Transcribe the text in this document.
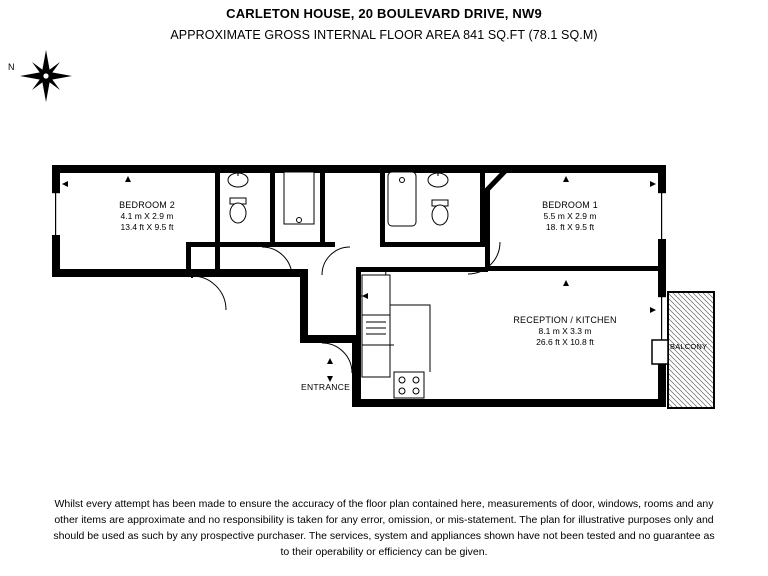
CARLETON HOUSE, 20 BOULEVARD DRIVE, NW9
APPROXIMATE GROSS INTERNAL FLOOR AREA 841 SQ.FT (78.1 SQ.M)
N
BEDROOM 2
4.1 m X 2.9 m
13.4 ft X 9.5 ft
BEDROOM 1
5.5 m X 2.9 m
18. ft X 9.5 ft
RECEPTION / KITCHEN
8.1 m X 3.3 m
26.6 ft X 10.8 ft
ENTRANCE
BALCONY

Whilst every attempt has been made to ensure the accuracy of the floor plan contained here, measurements of door, windows, rooms and any

other items are approximate and no responsibility is taken for any error, omission, or mis-statement. The plan for illustrative purposes only and

should be used as such by any prospective purchaser. The services, system and appliances shown have not been tested and no guarantee as

to their operability or efficiency can be given.
